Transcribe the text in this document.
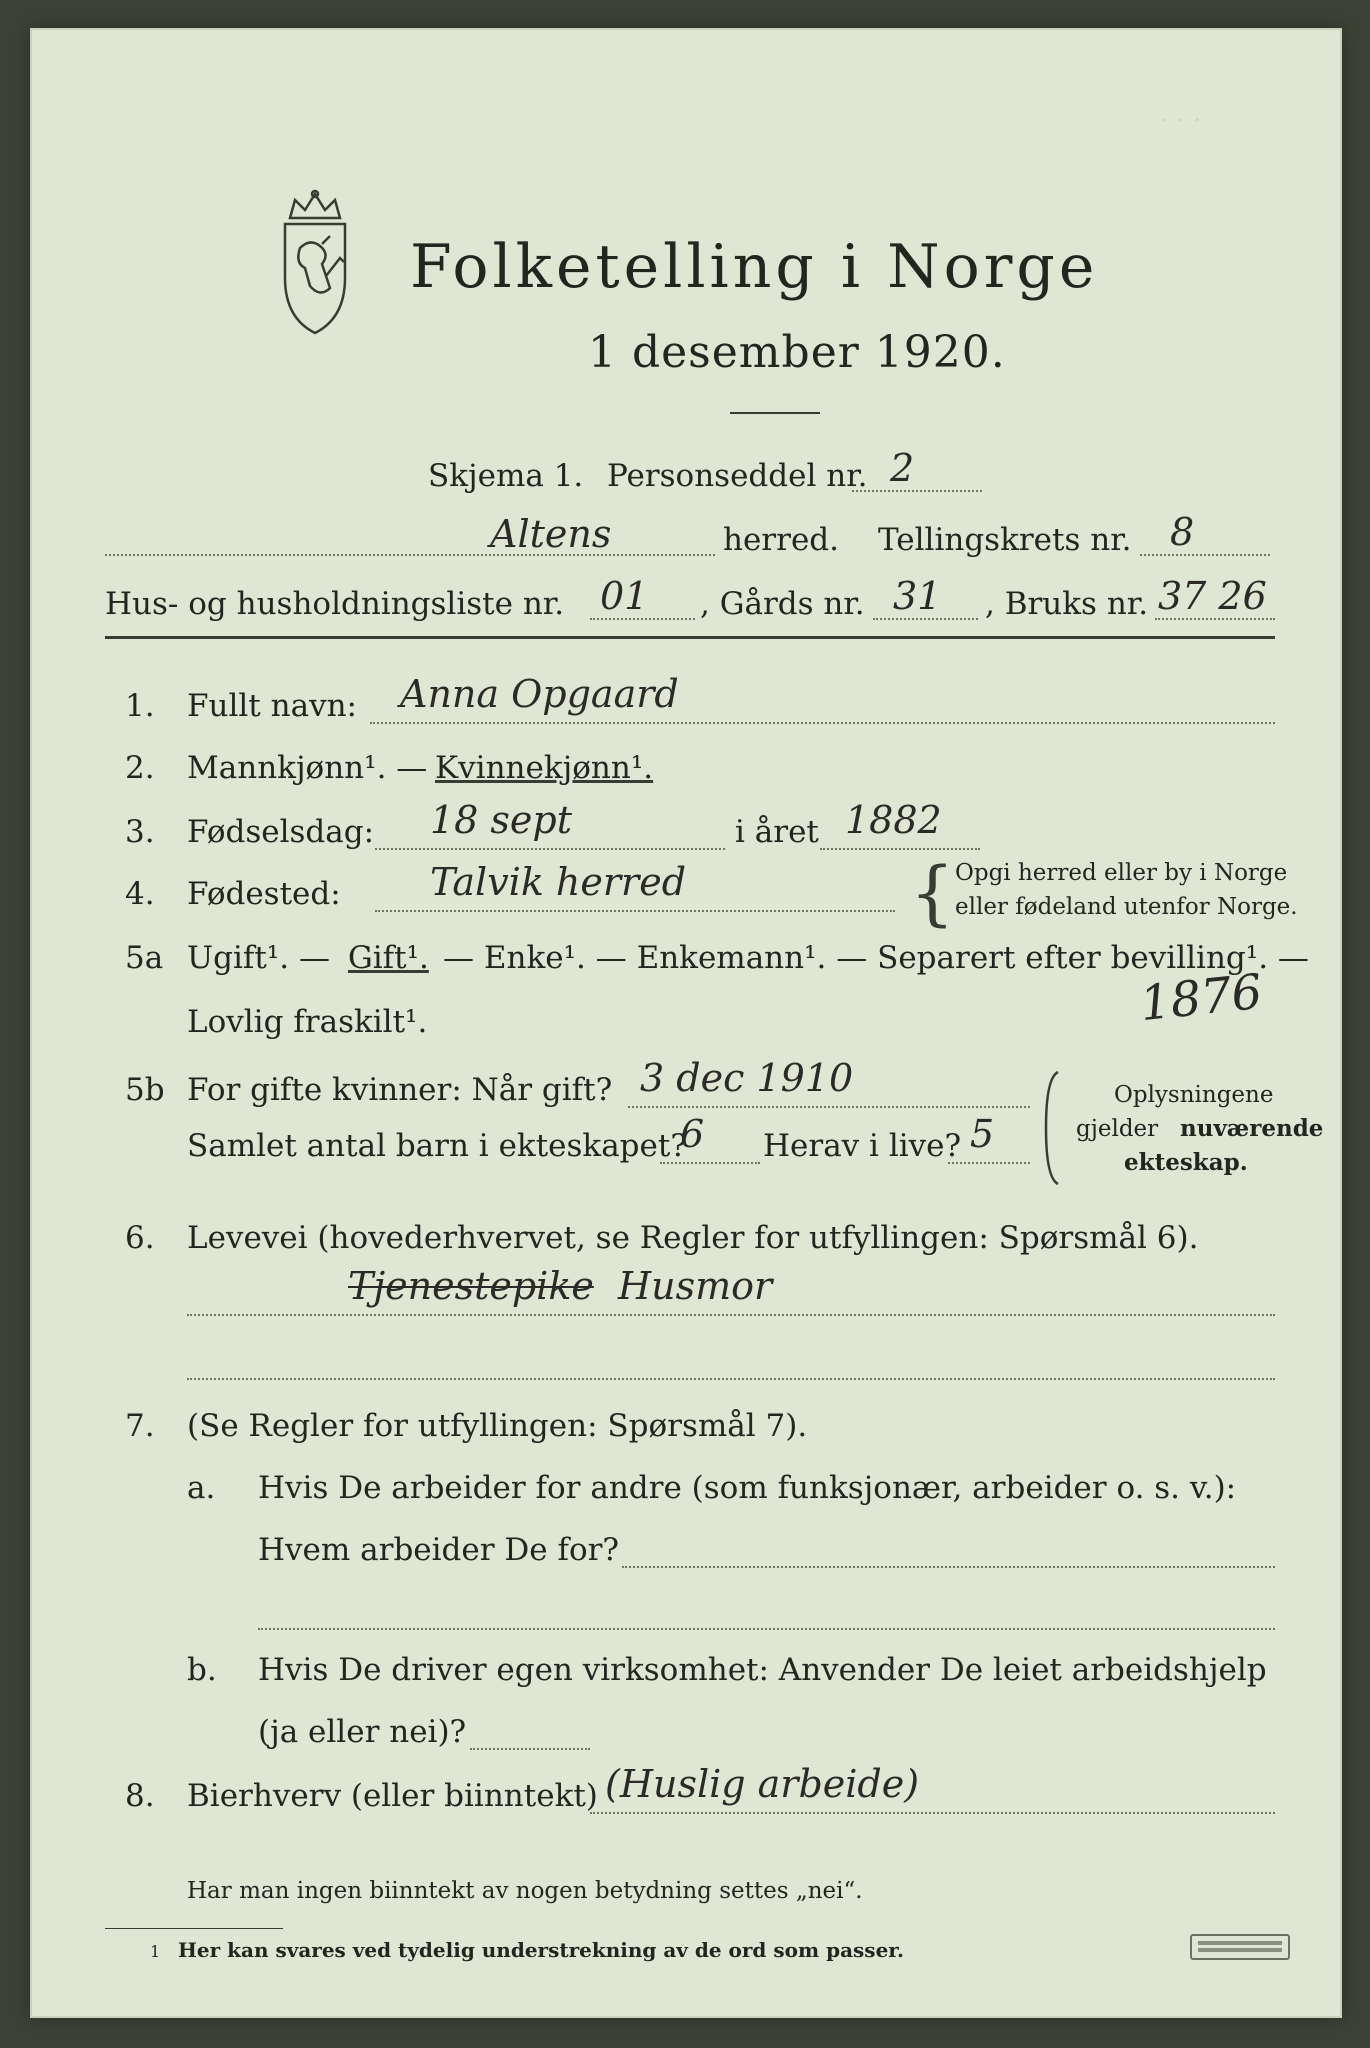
. . .
Folketelling i Norge
1 desember 1920.
Skjema 1. Personseddel nr. 2
Altens	herred. Tellingskrets nr. 8
Hus- og husholdningsliste nr. 01 , Gårds nr. 31 , Bruks nr. 37 26
1. Fullt navn: Anna Opgaard
2. Mannkjønn¹. — Kvinnekjønn¹.
3. Fødselsdag: 18 sept	i året 1882
4. Fødested: Talvik herred	{ Opgi herred eller by i Norge
eller fødeland utenfor Norge.
5a Ugift¹. — Gift¹. — Enke¹. — Enkemann¹. — Separert efter bevilling¹. —
Lovlig fraskilt¹.	1876
5b For gifte kvinner: Når gift? 3 dec 1910
Samlet antal barn i ekteskapet?
6 Herav i live? 5
Oplysningene
gjelder nuværende
ekteskap.
6. Levevei (hovederhvervet, se Regler for utfyllingen: Spørsmål 6).
Tjenestepike Husmor
7. (Se Regler for utfyllingen: Spørsmål 7).
a. Hvis De arbeider for andre (som funksjonær, arbeider o. s. v.):
Hvem arbeider De for?
b. Hvis De driver egen virksomhet: Anvender De leiet arbeidshjelp
(ja eller nei)?
8. Bierhverv (eller biinntekt) (Huslig arbeide)
Har man ingen biinntekt av nogen betydning settes „nei“.
1 Her kan svares ved tydelig understrekning av de ord som passer.
